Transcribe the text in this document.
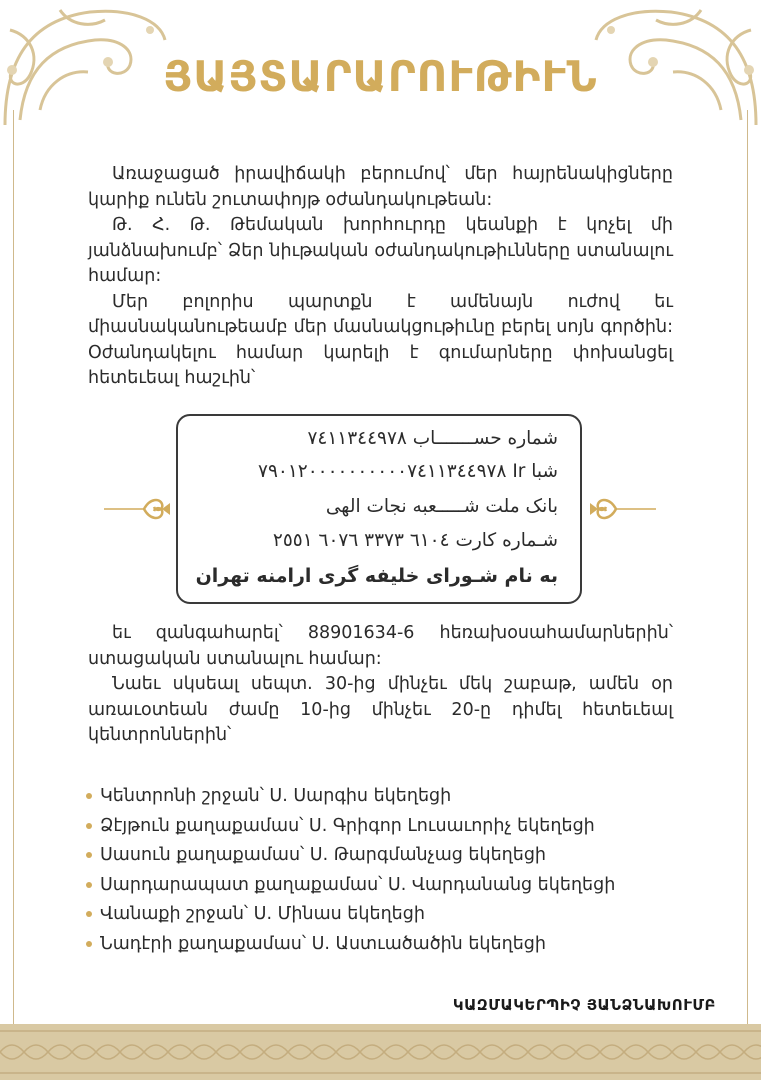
ՅԱՅՏԱՐԱՐՈՒԹԻՒՆ

Առաջացած իրավիճակի բերումով՝ մեր հայրենակիցները կարիք ունեն շուտափոյթ օժանդակութեան:

Թ. Հ. Թ. Թեմական խորհուրդը կեանքի է կոչել մի յանձնախումբ՝ Ձեր նիւթական օժանդակութիւնները ստանալու համար:

Մեր բոլորիս պարտքն է ամենայն ուժով եւ միասնականութեամբ մեր մասնակցութիւնը բերել սոյն գործին: Օժանդակելու համար կարելի է գումարները փոխանցել հետեւեալ հաշւին՝

شماره حســـــــاب ٧٤١١٣٤٤٩٧٨

شبا Ir ٧٩٠١٢٠٠٠٠٠٠٠٠٠٠٧٤١١٣٤٤٩٧٨

بانک ملت شـــــعبه نجات الهی

شـماره کارت ٦١٠٤ ٣٣٧٣ ٦٠٧٦ ٢٥٥١

به نام شـورای خلیفه گری ارامنه تهران

եւ զանգահարել՝ 88901634-6 հեռախօսահամարներին՝ ստացական ստանալու համար:

Նաեւ սկսեալ սեպտ. 30-ից մինչեւ մեկ շաբաթ, ամեն օր առաւօտեան ժամը 10-ից մինչեւ 20-ը դիմել հետեւեալ կենտրոններին՝

Կենտրոնի շրջան՝ Ս. Սարգիս եկեղեցի
Ձէյթուն քաղաքամաս՝ Ս. Գրիգոր Լուսաւորիչ եկեղեցի
Սասուն քաղաքամաս՝ Ս. Թարգմանչաց եկեղեցի
Սարդարապատ քաղաքամաս՝ Ս. Վարդանանց եկեղեցի
Վանաքի շրջան՝ Ս. Մինաս եկեղեցի
Նադէրի քաղաքամաս՝ Ս. Աստւածածին եկեղեցի

ԿԱԶՄԱԿԵՐՊԻՉ ՅԱՆՁՆԱԽՈՒՄԲ
